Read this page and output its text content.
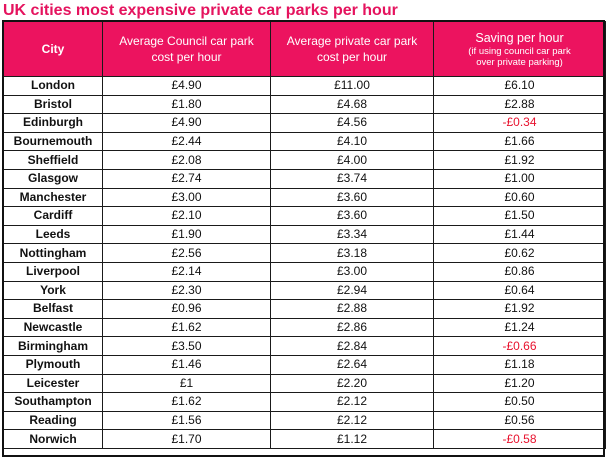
UK cities most expensive private car parks per hour
City	Average Council car park cost per hour	Average private car park cost per hour	Saving per hour
(if using council car park
over private parking)

London	£4.90	£11.00	£6.10
Bristol	£1.80	£4.68	£2.88
Edinburgh	£4.90	£4.56	-£0.34
Bournemouth	£2.44	£4.10	£1.66
Sheffield	£2.08	£4.00	£1.92
Glasgow	£2.74	£3.74	£1.00
Manchester	£3.00	£3.60	£0.60
Cardiff	£2.10	£3.60	£1.50
Leeds	£1.90	£3.34	£1.44
Nottingham	£2.56	£3.18	£0.62
Liverpool	£2.14	£3.00	£0.86
York	£2.30	£2.94	£0.64
Belfast	£0.96	£2.88	£1.92
Newcastle	£1.62	£2.86	£1.24
Birmingham	£3.50	£2.84	-£0.66
Plymouth	£1.46	£2.64	£1.18
Leicester	£1	£2.20	£1.20
Southampton	£1.62	£2.12	£0.50
Reading	£1.56	£2.12	£0.56
Norwich	£1.70	£1.12	-£0.58
